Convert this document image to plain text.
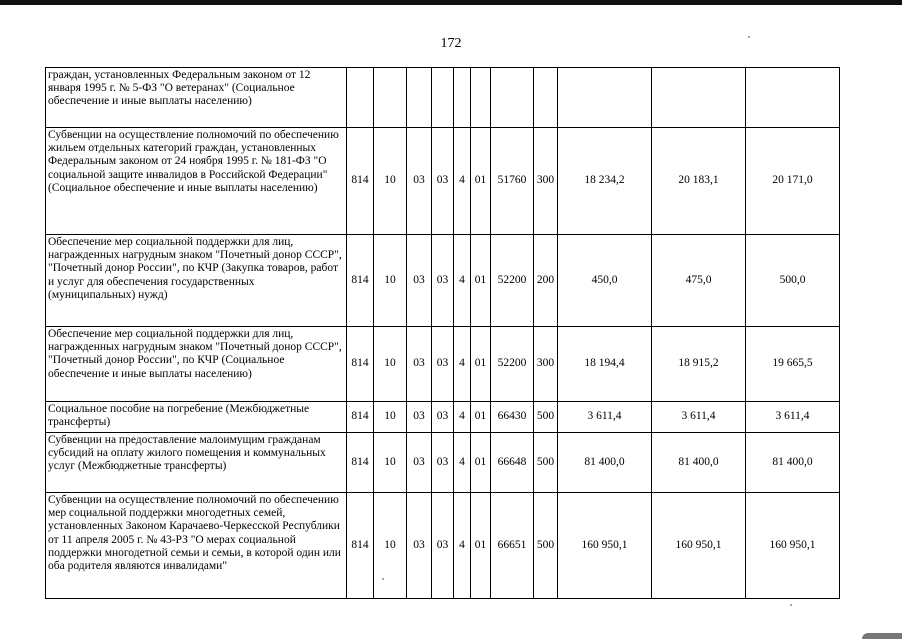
172
граждан, установленных Федеральным законом от 12 января 1995 г. № 5-ФЗ "О ветеранах" (Социальное обеспечение и иные выплаты населению)											
Субвенции на осуществление полномочий по обеспечению жильем отдельных категорий граждан, установленных Федеральным законом от 24 ноября 1995 г. № 181-ФЗ "О социальной защите инвалидов в Российской Федерации" (Социальное обеспечение и иные выплаты населению)	814	10	03	03	4	01	51760	300	18 234,2	20 183,1	20 171,0
Обеспечение мер социальной поддержки для лиц, награжденных нагрудным знаком "Почетный донор СССР", "Почетный донор России", по КЧР (Закупка товаров, работ и услуг для обеспечения государственных (муниципальных) нужд)	814	10	03	03	4	01	52200	200	450,0	475,0	500,0
Обеспечение мер социальной поддержки для лиц, награжденных нагрудным знаком "Почетный донор СССР", "Почетный донор России", по КЧР (Социальное обеспечение и иные выплаты населению)	814	10	03	03	4	01	52200	300	18 194,4	18 915,2	19 665,5
Социальное пособие на погребение (Межбюджетные трансферты)	814	10	03	03	4	01	66430	500	3 611,4	3 611,4	3 611,4
Субвенции на предоставление малоимущим гражданам субсидий на оплату жилого помещения и коммунальных услуг (Межбюджетные трансферты)	814	10	03	03	4	01	66648	500	81 400,0	81 400,0	81 400,0
Субвенции на осуществление полномочий по обеспечению мер социальной поддержки многодетных семей, установленных Законом Карачаево-Черкесской Республики от 11 апреля 2005 г. № 43-РЗ "О мерах социальной поддержки многодетной семьи и семьи, в которой один или оба родителя являются инвалидами"	814	10	03	03	4	01	66651	500	160 950,1	160 950,1	160 950,1
